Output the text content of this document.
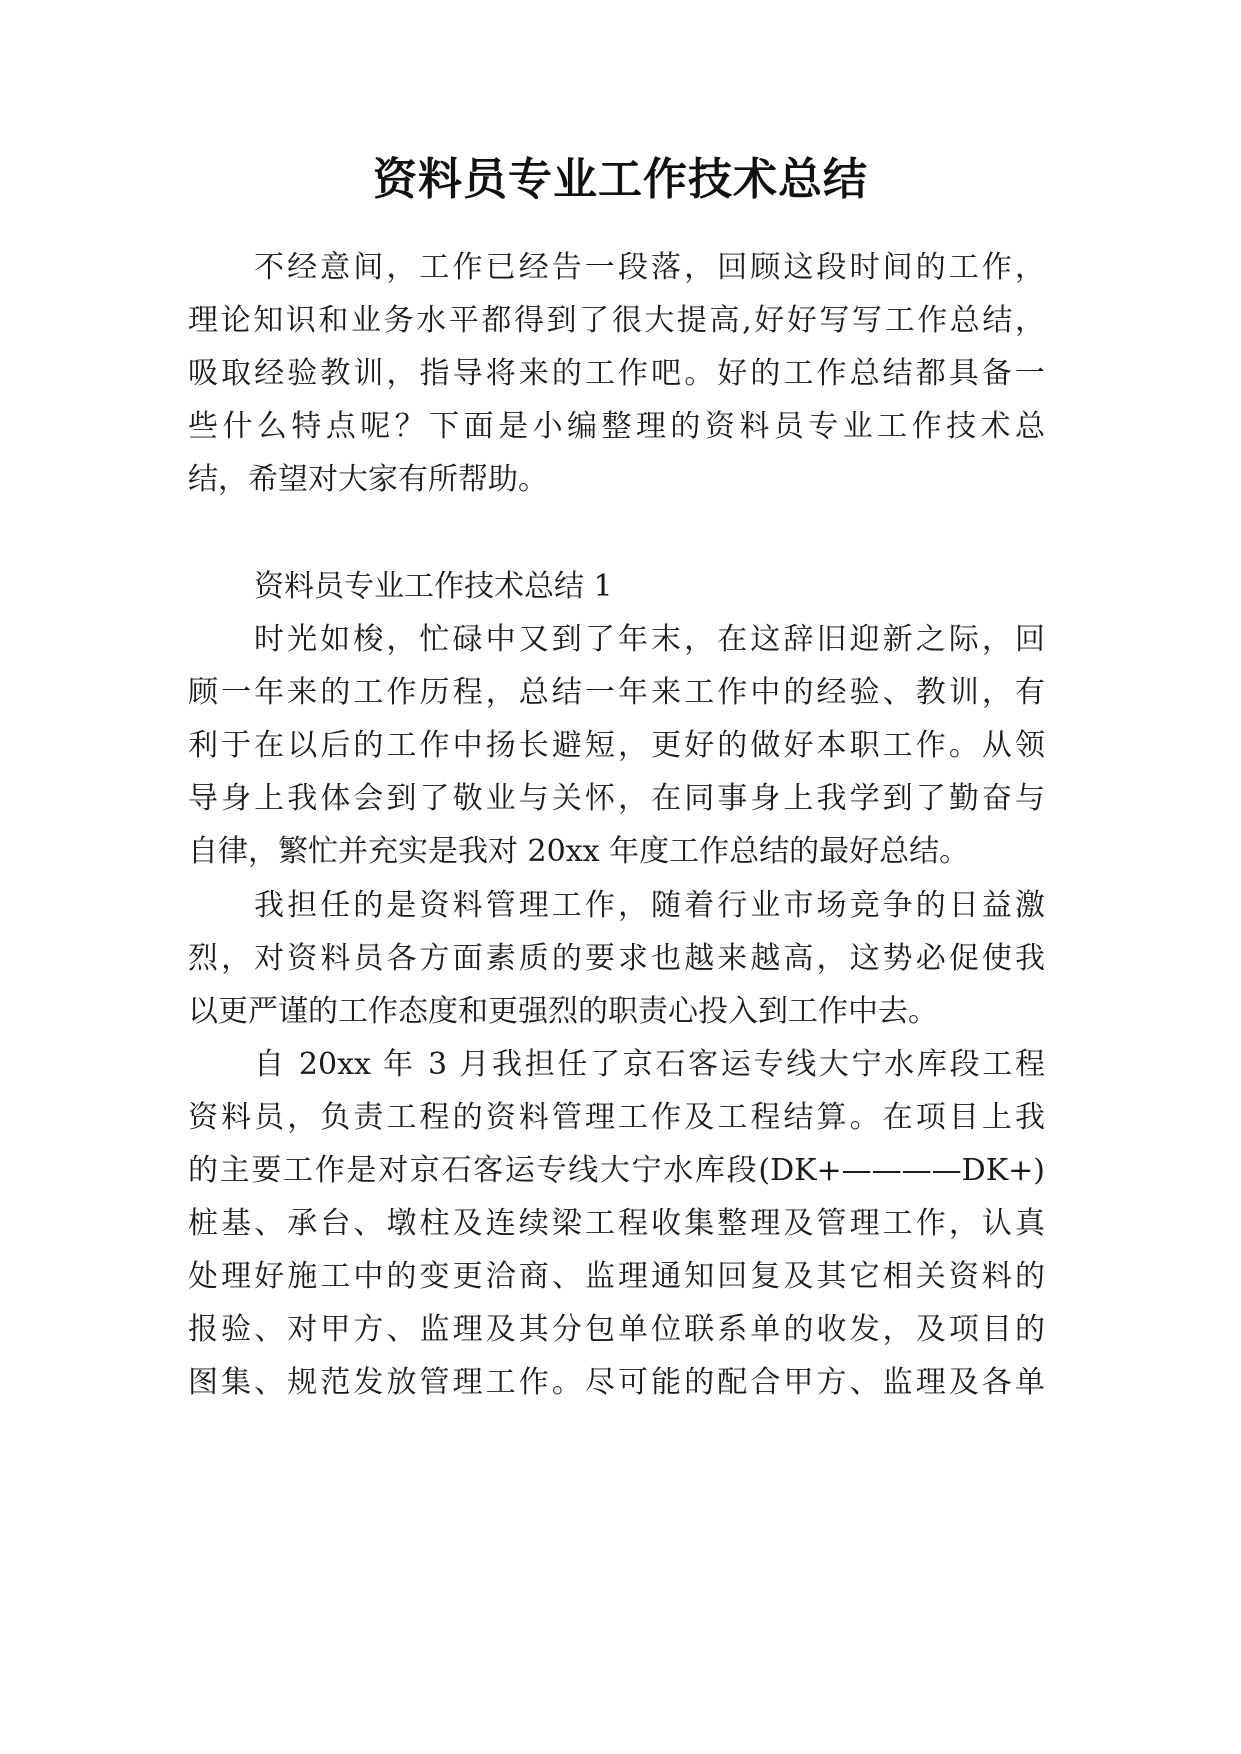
资料员专业工作技术总结
不经意间，工作已经告一段落，回顾这段时间的工作，
理论知识和业务水平都得到了很大提高,好好写写工作总结，
吸取经验教训，指导将来的工作吧。好的工作总结都具备一
些什么特点呢？下面是小编整理的资料员专业工作技术总
结，希望对大家有所帮助。
资料员专业工作技术总结 1
时光如梭，忙碌中又到了年末，在这辞旧迎新之际，回
顾一年来的工作历程，总结一年来工作中的经验、教训，有
利于在以后的工作中扬长避短，更好的做好本职工作。从领
导身上我体会到了敬业与关怀，在同事身上我学到了勤奋与
自律，繁忙并充实是我对 20xx 年度工作总结的最好总结。
我担任的是资料管理工作，随着行业市场竞争的日益激
烈，对资料员各方面素质的要求也越来越高，这势必促使我
以更严谨的工作态度和更强烈的职责心投入到工作中去。
自 20xx 年 3 月我担任了京石客运专线大宁水库段工程
资料员，负责工程的资料管理工作及工程结算。在项目上我
的主要工作是对京石客运专线大宁水库段(DK+————DK+)
桩基、承台、墩柱及连续梁工程收集整理及管理工作，认真
处理好施工中的变更洽商、监理通知回复及其它相关资料的
报验、对甲方、监理及其分包单位联系单的收发，及项目的
图集、规范发放管理工作。尽可能的配合甲方、监理及各单
